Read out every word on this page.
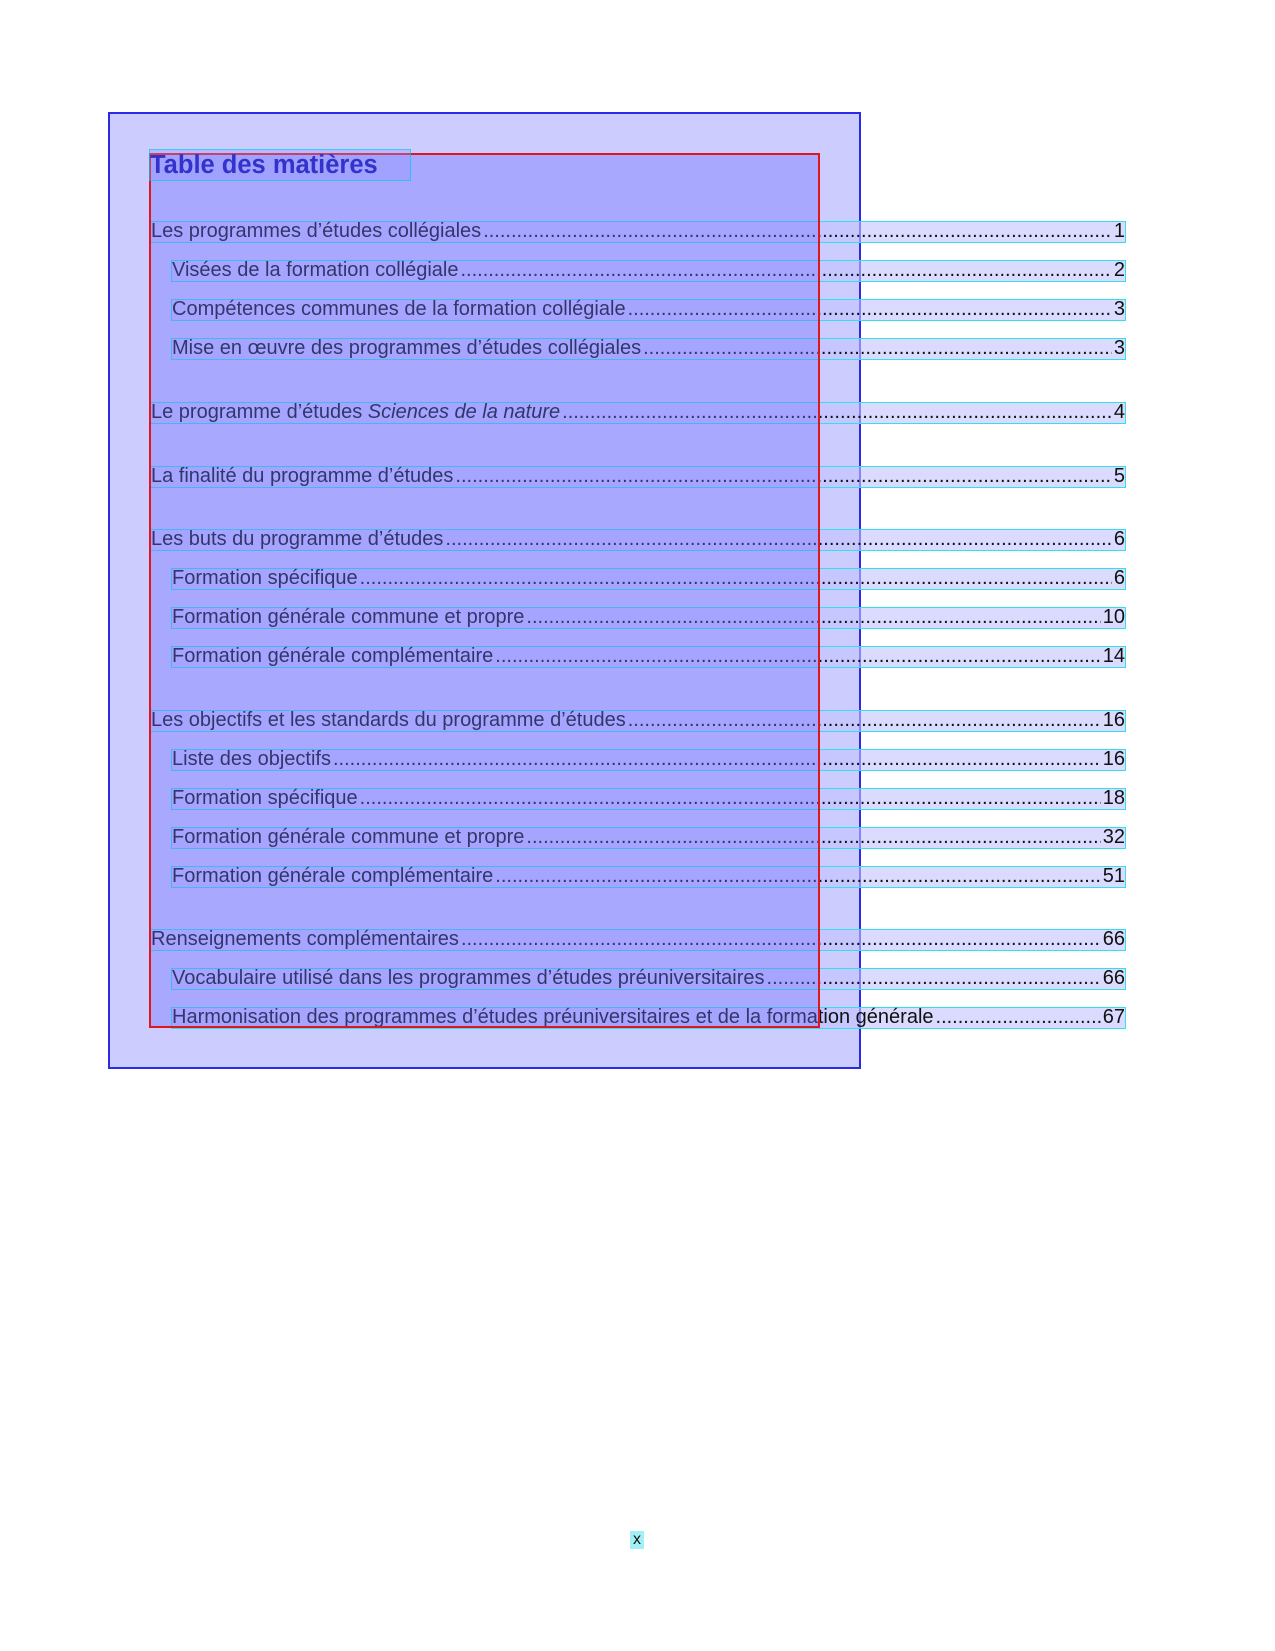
Les programmes d’études collégiales .....	1
Visées de la formation collégiale .....	2
Compétences communes de la formation collégiale .....	3
Mise en œuvre des programmes d’études collégiales .....	3
Le programme d’études Sciences de la nature .....	4
La finalité du programme d’études .....	5
Les buts du programme d’études .....	6
Formation spécifique .....	6
Formation générale commune et propre .....	10
Formation générale complémentaire .....	14
Les objectifs et les standards du programme d’études .....	16
Liste des objectifs .....	16
Formation spécifique .....	18
Formation générale commune et propre .....	32
Formation générale complémentaire .....	51
Renseignements complémentaires .....	66
Vocabulaire utilisé dans les programmes d’études préuniversitaires .....	66
Harmonisation des programmes d’études préuniversitaires et de la formation générale .....	67
Table des matières
x
